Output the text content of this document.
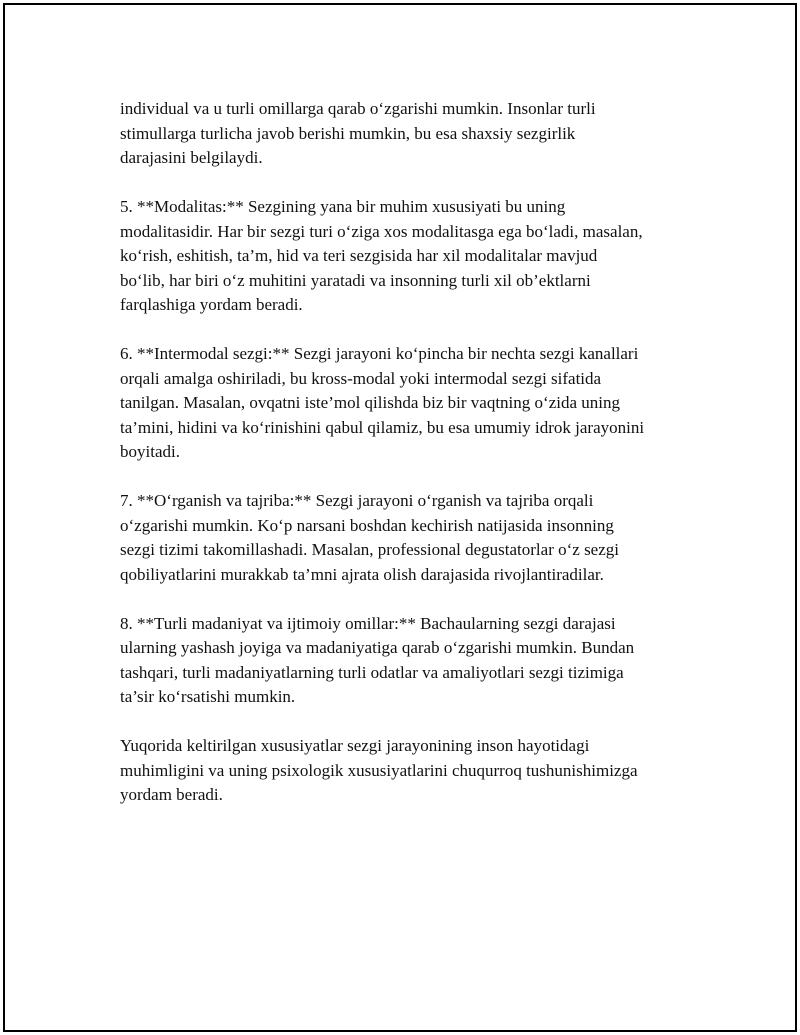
individual va u turli omillarga qarab o‘zgarishi mumkin. Insonlar turli
stimullarga turlicha javob berishi mumkin, bu esa shaxsiy sezgirlik
darajasini belgilaydi.

5. **Modalitas:** Sezgining yana bir muhim xususiyati bu uning
modalitasidir. Har bir sezgi turi o‘ziga xos modalitasga ega bo‘ladi, masalan,
ko‘rish, eshitish, ta’m, hid va teri sezgisida har xil modalitalar mavjud
bo‘lib, har biri o‘z muhitini yaratadi va insonning turli xil ob’ektlarni
farqlashiga yordam beradi.

6. **Intermodal sezgi:** Sezgi jarayoni ko‘pincha bir nechta sezgi kanallari
orqali amalga oshiriladi, bu kross-modal yoki intermodal sezgi sifatida
tanilgan. Masalan, ovqatni iste’mol qilishda biz bir vaqtning o‘zida uning
ta’mini, hidini va ko‘rinishini qabul qilamiz, bu esa umumiy idrok jarayonini
boyitadi.

7. **O‘rganish va tajriba:** Sezgi jarayoni o‘rganish va tajriba orqali
o‘zgarishi mumkin. Ko‘p narsani boshdan kechirish natijasida insonning
sezgi tizimi takomillashadi. Masalan, professional degustatorlar o‘z sezgi
qobiliyatlarini murakkab ta’mni ajrata olish darajasida rivojlantiradilar.

8. **Turli madaniyat va ijtimoiy omillar:** Bachaularning sezgi darajasi
ularning yashash joyiga va madaniyatiga qarab o‘zgarishi mumkin. Bundan
tashqari, turli madaniyatlarning turli odatlar va amaliyotlari sezgi tizimiga
ta’sir ko‘rsatishi mumkin.

Yuqorida keltirilgan xususiyatlar sezgi jarayonining inson hayotidagi
muhimligini va uning psixologik xususiyatlarini chuqurroq tushunishimizga
yordam beradi.
